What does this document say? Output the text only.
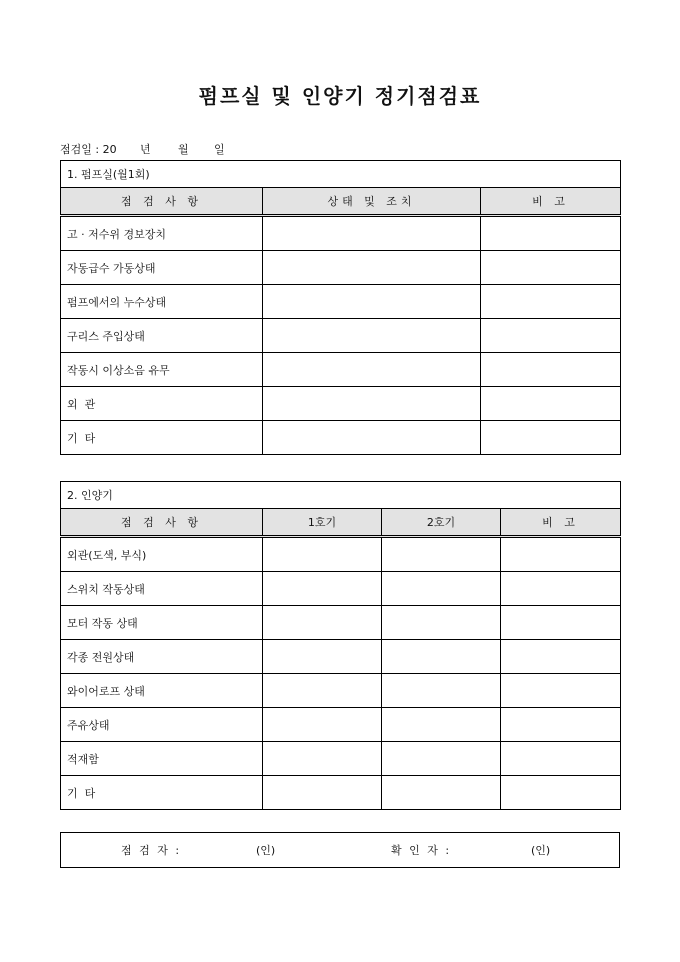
펌프실 및 인양기 정기점검표
점검일 : 20	년	월	일
1. 펌프실(월1회)		
점 검 사 항	상태 및 조치	비 고
고 · 저수위 경보장치		
자동급수 가동상태		
펌프에서의 누수상태		
구리스 주입상태		
작동시 이상소음 유무		
외  관		
기  타		
2. 인양기			
점 검 사 항	1호기	2호기	비 고
외관(도색, 부식)			
스위치 작동상태			
모터 작동 상태			
각종 전원상태			
와이어로프 상태			
주유상태			
적재함			
기  타			
점 검 자 :	(인)	확 인 자 :	(인)
